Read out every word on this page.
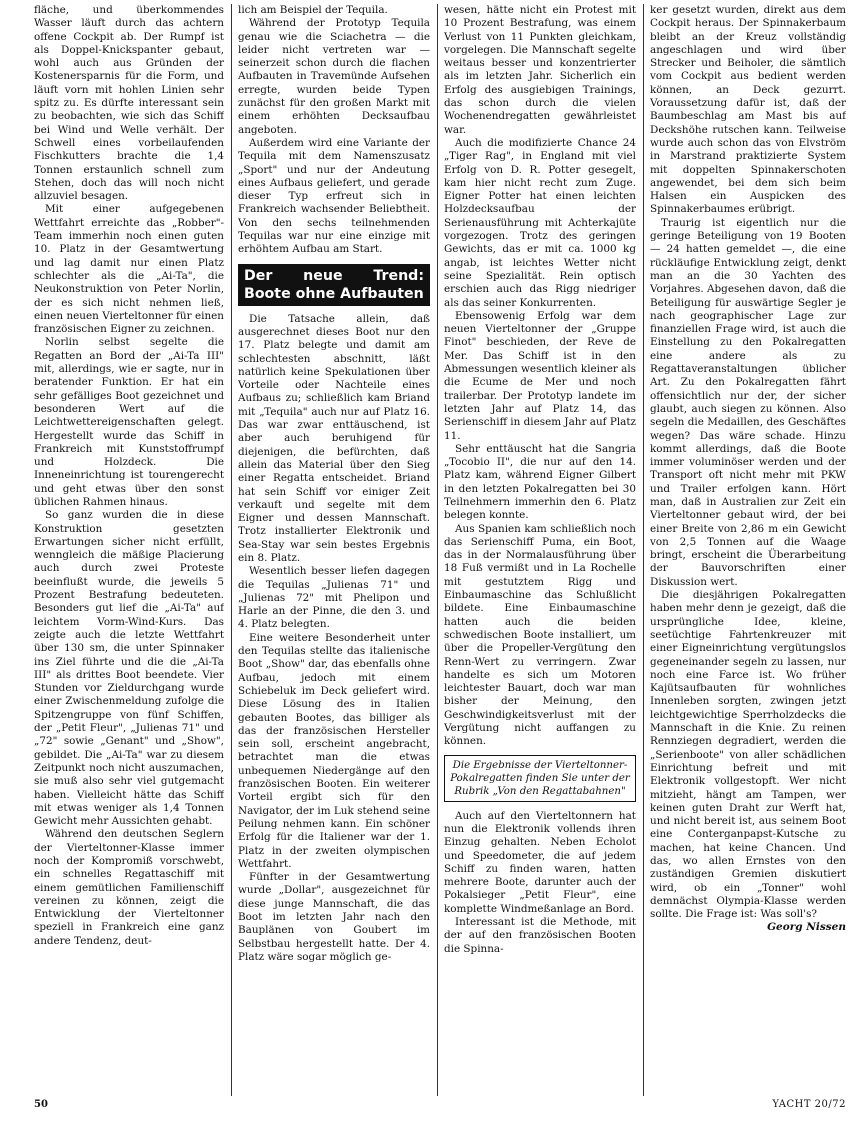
fläche, und überkommendes Wasser läuft durch das achtern offene Cockpit ab. Der Rumpf ist als Doppel-Knickspanter gebaut, wohl auch aus Gründen der Kostenersparnis für die Form, und läuft vorn mit hohlen Linien sehr spitz zu. Es dürfte interessant sein zu beobachten, wie sich das Schiff bei Wind und Welle verhält. Der Schwell eines vorbeilaufenden Fischkutters brachte die 1,4 Tonnen erstaunlich schnell zum Stehen, doch das will noch nicht allzuviel besagen.

Mit einer aufgegebenen Wettfahrt erreichte das „Robber"-Team immerhin noch einen guten 10. Platz in der Gesamtwertung und lag damit nur einen Platz schlechter als die „Ai-Ta", die Neukonstruktion von Peter Norlin, der es sich nicht nehmen ließ, einen neuen Vierteltonner für einen französischen Eigner zu zeichnen.

Norlin selbst segelte die Regatten an Bord der „Ai-Ta III" mit, allerdings, wie er sagte, nur in beratender Funktion. Er hat ein sehr gefälliges Boot gezeichnet und besonderen Wert auf die Leichtwettereigenschaften gelegt. Hergestellt wurde das Schiff in Frankreich mit Kunststoffrumpf und Holzdeck. Die Inneneinrichtung ist tourengerecht und geht etwas über den sonst üblichen Rahmen hinaus.

So ganz wurden die in diese Konstruktion gesetzten Erwartungen sicher nicht erfüllt, wenngleich die mäßige Placierung auch durch zwei Proteste beeinflußt wurde, die jeweils 5 Prozent Bestrafung bedeuteten. Besonders gut lief die „Ai-Ta" auf leichtem Vorm-Wind-Kurs. Das zeigte auch die letzte Wettfahrt über 130 sm, die unter Spinnaker ins Ziel führte und die die „Ai-Ta III" als drittes Boot beendete. Vier Stunden vor Zieldurchgang wurde einer Zwischenmeldung zufolge die Spitzengruppe von fünf Schiffen, der „Petit Fleur", „Julienas 71" und „72" sowie „Genant" und „Show", gebildet. Die „Ai-Ta" war zu diesem Zeitpunkt noch nicht auszumachen, sie muß also sehr viel gutgemacht haben. Vielleicht hätte das Schiff mit etwas weniger als 1,4 Tonnen Gewicht mehr Aussichten gehabt.

Während den deutschen Seglern der Vierteltonner-Klasse immer noch der Kompromiß vorschwebt, ein schnelles Regattaschiff mit einem gemütlichen Familienschiff vereinen zu können, zeigt die Entwicklung der Vierteltonner speziell in Frankreich eine ganz andere Tendenz, deut-

lich am Beispiel der Tequila.

Während der Prototyp Tequila genau wie die Sciachetra — die leider nicht vertreten war — seinerzeit schon durch die flachen Aufbauten in Travemünde Aufsehen erregte, wurden beide Typen zunächst für den großen Markt mit einem erhöhten Decksaufbau angeboten.

Außerdem wird eine Variante der Tequila mit dem Namenszusatz „Sport" und nur der Andeutung eines Aufbaus geliefert, und gerade dieser Typ erfreut sich in Frankreich wachsender Beliebtheit. Von den sechs teilnehmenden Tequilas war nur eine einzige mit erhöhtem Aufbau am Start.

Der neue Trend: Boote ohne Aufbauten

Die Tatsache allein, daß ausgerechnet dieses Boot nur den 17. Platz belegte und damit am schlechtesten abschnitt, läßt natürlich keine Spekulationen über Vorteile oder Nachteile eines Aufbaus zu; schließlich kam Briand mit „Tequila" auch nur auf Platz 16. Das war zwar enttäuschend, ist aber auch beruhigend für diejenigen, die befürchten, daß allein das Material über den Sieg einer Regatta entscheidet. Briand hat sein Schiff vor einiger Zeit verkauft und segelte mit dem Eigner und dessen Mannschaft. Trotz installierter Elektronik und Sea-Stay war sein bestes Ergebnis ein 8. Platz.

Wesentlich besser liefen dagegen die Tequilas „Julienas 71" und „Julienas 72" mit Phelipon und Harle an der Pinne, die den 3. und 4. Platz belegten.

Eine weitere Besonderheit unter den Tequilas stellte das italienische Boot „Show" dar, das ebenfalls ohne Aufbau, jedoch mit einem Schiebeluk im Deck geliefert wird. Diese Lösung des in Italien gebauten Bootes, das billiger als das der französischen Hersteller sein soll, erscheint angebracht, betrachtet man die etwas unbequemen Niedergänge auf den französischen Booten. Ein weiterer Vorteil ergibt sich für den Navigator, der im Luk stehend seine Peilung nehmen kann. Ein schöner Erfolg für die Italiener war der 1. Platz in der zweiten olympischen Wettfahrt.

Fünfter in der Gesamtwertung wurde „Dollar", ausgezeichnet für diese junge Mannschaft, die das Boot im letzten Jahr nach den Bauplänen von Goubert im Selbstbau hergestellt hatte. Der 4. Platz wäre sogar möglich ge-

wesen, hätte nicht ein Protest mit 10 Prozent Bestrafung, was einem Verlust von 11 Punkten gleichkam, vorgelegen. Die Mannschaft segelte weitaus besser und konzentrierter als im letzten Jahr. Sicherlich ein Erfolg des ausgiebigen Trainings, das schon durch die vielen Wochenendregatten gewährleistet war.

Auch die modifizierte Chance 24 „Tiger Rag", in England mit viel Erfolg von D. R. Potter gesegelt, kam hier nicht recht zum Zuge. Eigner Potter hat einen leichten Holzdecksaufbau der Serienausführung mit Achterkajüte vorgezogen. Trotz des geringen Gewichts, das er mit ca. 1000 kg angab, ist leichtes Wetter nicht seine Spezialität. Rein optisch erschien auch das Rigg niedriger als das seiner Konkurrenten.

Ebensowenig Erfolg war dem neuen Vierteltonner der „Gruppe Finot" beschieden, der Reve de Mer. Das Schiff ist in den Abmessungen wesentlich kleiner als die Ecume de Mer und noch trailerbar. Der Prototyp landete im letzten Jahr auf Platz 14, das Serienschiff in diesem Jahr auf Platz 11.

Sehr enttäuscht hat die Sangria „Tocobio II", die nur auf den 14. Platz kam, während Eigner Gilbert in den letzten Pokalregatten bei 30 Teilnehmern immerhin den 6. Platz belegen konnte.

Aus Spanien kam schließlich noch das Serienschiff Puma, ein Boot, das in der Normalausführung über 18 Fuß vermißt und in La Rochelle mit gestutztem Rigg und Einbaumaschine das Schlußlicht bildete. Eine Einbaumaschine hatten auch die beiden schwedischen Boote installiert, um über die Propeller-Vergütung den Renn-Wert zu verringern. Zwar handelte es sich um Motoren leichtester Bauart, doch war man bisher der Meinung, den Geschwindigkeitsverlust mit der Vergütung nicht auffangen zu können.

Die Ergebnisse der Vierteltonner-Pokalregatten finden Sie unter der Rubrik „Von den Regattabahnen"

Auch auf den Vierteltonnern hat nun die Elektronik vollends ihren Einzug gehalten. Neben Echolot und Speedometer, die auf jedem Schiff zu finden waren, hatten mehrere Boote, darunter auch der Pokalsieger „Petit Fleur", eine komplette Windmeßanlage an Bord.

Interessant ist die Methode, mit der auf den französischen Booten die Spinna-

ker gesetzt wurden, direkt aus dem Cockpit heraus. Der Spinnakerbaum bleibt an der Kreuz vollständig angeschlagen und wird über Strecker und Beiholer, die sämtlich vom Cockpit aus bedient werden können, an Deck gezurrt. Voraussetzung dafür ist, daß der Baumbeschlag am Mast bis auf Deckshöhe rutschen kann. Teilweise wurde auch schon das von Elvström in Marstrand praktizierte System mit doppelten Spinnakerschoten angewendet, bei dem sich beim Halsen ein Auspicken des Spinnakerbaumes erübrigt.

Traurig ist eigentlich nur die geringe Beteiligung von 19 Booten — 24 hatten gemeldet —, die eine rückläufige Entwicklung zeigt, denkt man an die 30 Yachten des Vorjahres. Abgesehen davon, daß die Beteiligung für auswärtige Segler je nach geographischer Lage zur finanziellen Frage wird, ist auch die Einstellung zu den Pokalregatten eine andere als zu Regattaveranstaltungen üblicher Art. Zu den Pokalregatten fährt offensichtlich nur der, der sicher glaubt, auch siegen zu können. Also segeln die Medaillen, des Geschäftes wegen? Das wäre schade. Hinzu kommt allerdings, daß die Boote immer voluminöser werden und der Transport oft nicht mehr mit PKW und Trailer erfolgen kann. Hört man, daß in Australien zur Zeit ein Vierteltonner gebaut wird, der bei einer Breite von 2,86 m ein Gewicht von 2,5 Tonnen auf die Waage bringt, erscheint die Überarbeitung der Bauvorschriften einer Diskussion wert.

Die diesjährigen Pokalregatten haben mehr denn je gezeigt, daß die ursprüngliche Idee, kleine, seetüchtige Fahrtenkreuzer mit einer Eigneinrichtung vergütungslos gegeneinander segeln zu lassen, nur noch eine Farce ist. Wo früher Kajütsaufbauten für wohnliches Innenleben sorgten, zwingen jetzt leichtgewichtige Sperrholzdecks die Mannschaft in die Knie. Zu reinen Rennziegen degradiert, werden die „Serienboote" von aller schädlichen Einrichtung befreit und mit Elektronik vollgestopft. Wer nicht mitzieht, hängt am Tampen, wer keinen guten Draht zur Werft hat, und nicht bereit ist, aus seinem Boot eine Conterganpapst-Kutsche zu machen, hat keine Chancen. Und das, wo allen Ernstes von den zuständigen Gremien diskutiert wird, ob ein „Tonner" wohl demnächst Olympia-Klasse werden sollte. Die Frage ist: Was soll's?

Georg Nissen
50	YACHT 20/72
